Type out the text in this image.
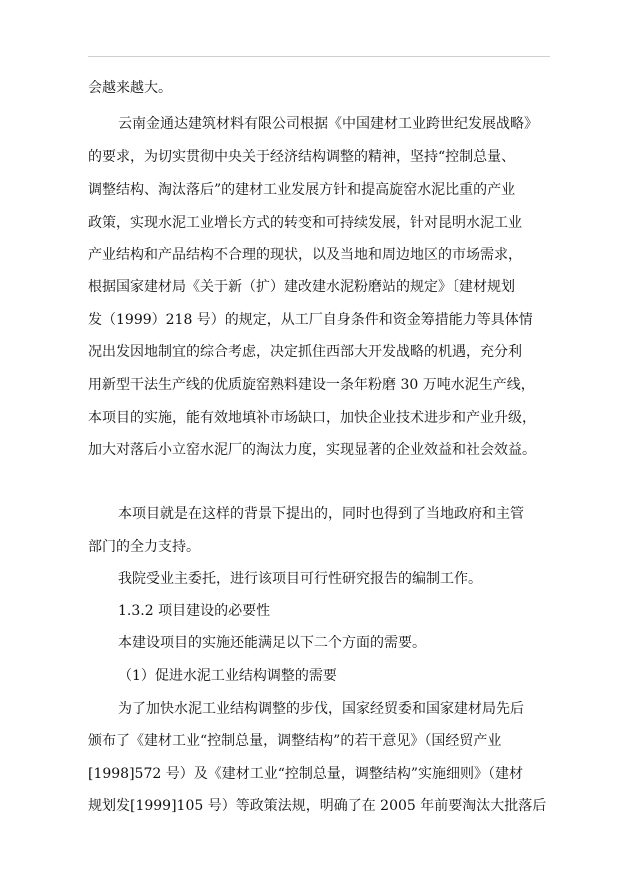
会越来越大。
云南金通达建筑材料有限公司根据《中国建材工业跨世纪发展战略》
的要求，为切实贯彻中央关于经济结构调整的精神，坚持“控制总量、
调整结构、淘汰落后”的建材工业发展方针和提高旋窑水泥比重的产业
政策，实现水泥工业增长方式的转变和可持续发展，针对昆明水泥工业
产业结构和产品结构不合理的现状，以及当地和周边地区的市场需求，
根据国家建材局《关于新（扩）建改建水泥粉磨站的规定》〔建材规划
发（1999）218 号）的规定，从工厂自身条件和资金筹措能力等具体情
况出发因地制宜的综合考虑，决定抓住西部大开发战略的机遇，充分利
用新型干法生产线的优质旋窑熟料建设一条年粉磨 30 万吨水泥生产线，
本项目的实施，能有效地填补市场缺口，加快企业技术进步和产业升级，
加大对落后小立窑水泥厂的淘汰力度，实现显著的企业效益和社会效益。
本项目就是在这样的背景下提出的，同时也得到了当地政府和主管
部门的全力支持。
我院受业主委托，进行该项目可行性研究报告的编制工作。
1.3.2 项目建设的必要性
本建设项目的实施还能满足以下二个方面的需要。
（1）促进水泥工业结构调整的需要
为了加快水泥工业结构调整的步伐，国家经贸委和国家建材局先后
颁布了《建材工业“控制总量，调整结构”的若干意见》（国经贸产业
[1998]572 号）及《建材工业“控制总量，调整结构”实施细则》（建材
规划发[1999]105 号）等政策法规，明确了在 2005 年前要淘汰大批落后
